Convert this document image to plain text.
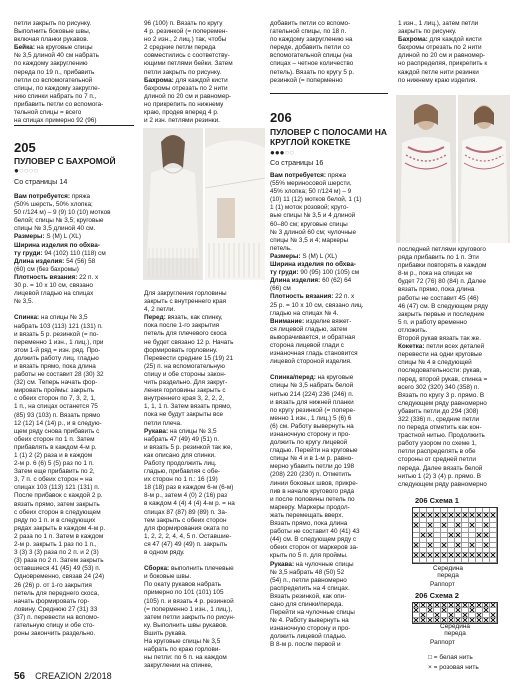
петли закрыть по рисунку.

Выполнить боковые швы,

включая планки рукавов.

Бейка: на круговые спицы

№ 3,5 длиной 40 см набрать

по каждому закруглению

переда по 19 п., прибавить

петли со вспомогательной

спицы, по каждому закругле-

нию спинки набрать по 7 п.,

прибавить петли со вспомога-

тельной спицы = всего

на спицах примерно 92 (96)

205
ПУЛОВЕР С БАХРОМОЙ
●○○○○
Со страницы 14

Вам потребуется: пряжа

(50% шерсть, 50% хлопка;

50 г/124 м) – 9 (9) 10 (10) мотков

белой; спицы № 3,5; круговые

спицы № 3,5 длиной 40 см.

Размеры: S (M) L (XL)

Ширина изделия по обхва-

ту груди: 94 (102) 110 (118) см

Длина изделия: 54 (56) 58

(60) см (без бахромы)

Плотность вязания: 22 п. х

30 р. = 10 х 10 см, связано

лицевой гладью на спицах

№ 3,5.

Спинка: на спицы № 3,5

набрать 103 (113) 121 (131) п.

и вязать 5 р. резинкой (= по-

переменно 1 изн., 1 лиц.), при

этом 1-й ряд = изн. ряд. Про-

должить работу лиц. гладью

и вязать прямо, пока длина

работы не составит 28 (30) 32

(32) см. Теперь начать фор-

мировать проймы: закрыть

с обеих сторон по 7, 3, 2, 1,

1 п., на спицах останется 75

(85) 93 (103) п. Вязать прямо

12 (12) 14 (14) р., и в следую-

щем ряду снова прибавить с

обеих сторон по 1 п. Затем

прибавлять в каждом 4-м р.

1 (1) 2 (2) раза и в каждом

2-м р. 6 (6) 5 (5) раз по 1 п.

Затем еще прибавить по 2,

3, 7 п. с обеих сторон = на

спицах 103 (113) 121 (131) п.

После прибавок с каждой 2 р.

вязать прямо, затем закрыть

с обеих сторон в следующем

ряду по 1 п. и в следующих

рядах закрыть в каждом 4-м р.

2 раза по 1 п. Затем в каждом

2-м р. закрыть 1 раз по 1 п.,

3 (3) 3 (3) раза по 2 п. и 2 (3)

(3) раза по 2 п. Затем закрыть

оставшиеся 41 (45) 49 (53) п.

Одновременно, связав 24 (24)

26 (26) р. от 1-го закрытия

петель для переднего скоса,

начать формировать гор-

ловину. Среднюю 27 (31) 33

(37) п. перевести на вспомо-

гательную спицу и обе сто-

роны закончить раздельно.

96 (100) п. Вязать по кругу

4 р. резинкой (= поперемен-

но 2 изн., 2 лиц.) так, чтобы

2 средние петли переда

совместились с соответству-

ющими петлями бейки. Затем

петли закрыть по рисунку.

Бахрома: для каждой кисти

бахромы отрезать по 2 нити

длиной по 20 см и равномер-

но прикрепить по нижнему

краю, продев вперед 4 р.

и 2 изн. петлями резинки.

Для закругления горловины

закрыть с внутреннего края

4, 2 петли.

Перед: вязать, как спинку,

пока после 1-го закрытия

петель для плечевого скоса

не будет связано 12 р. Начать

формировать горловину.

Перевести средние 15 (19) 21

(25) п. на вспомогательную

спицу и обе стороны закон-

чить раздельно. Для закруг-

ления горловины закрыть с

внутреннего края 3, 2, 2, 2,

1, 1, 1 п. Затем вязать прямо,

пока не будут закрыты все

петли плеча.

Рукава: на спицы № 3,5

набрать 47 (49) 49 (51) п.

и вязать 5 р. резинкой так же,

как описано для спинки.

Работу продолжить лиц.

гладью, прибавляя с обе-

их сторон по 1 п.: 16 (19)

18 (18) раз в каждом 6-м (6-м)

8-м р., затем 4 (0) 2 (16) раз

в каждом 4 (4) 4 (4) 4-м р. = на

спицах 87 (87) 89 (89) п. За-

тем закрыть с обеих сторон

для формирования оката по

1, 2, 2, 2, 4, 4, 5 п. Оставшие-

ся 47 (47) 49 (49) п. закрыть

в одном ряду.

Сборка: выполнить плечевые

и боковые швы.

По окату рукавов набрать

примерно по 101 (101) 105

(105) п. и вязать 4 р. резинкой

(= поперменно 1 изн., 1 лиц.),

затем петли закрыть по рисун-

ку. Выполнить швы рукавов.

Вшить рукава.

На круговые спицы № 3,5

набрать по краю горлови-

ны петли: по 6 п. на каждом

закруглении на спинке,

добавить петли со вспомо-

гательной спицы, по 18 п.

по каждому закруглению на

переде, добавить петли со

вспомогательной спицы (на

спицах – четное количество

петель). Вязать по кругу 5 р.

резинкой (= поперменно

206
ПУЛОВЕР С ПОЛОСАМИ НА КРУГЛОЙ КОКЕТКЕ
●●●○○
Со страницы 16

Вам потребуется: пряжа

(55% мериносовой шерсти,

45% хлопка; 50 г/124 м) – 9

(10) 11 (12) мотков белой, 1 (1)

1 (1) моток розовой; круго-

вые спицы № 3,5 и 4 длиной

60–80 см; круговые спицы

№ 3 длиной 60 см; чулочные

спицы № 3,5 и 4; маркеры

петель.

Размеры: S (M) L (XL)

Ширина изделия по обхва-

ту груди: 90 (95) 100 (105) см

Длина изделия: 60 (62) 64

(66) см

Плотность вязания: 22 п. х

25 р. = 10 х 10 см, связано лиц.

гладью на спицах № 4.

Внимание: изделие вяжет-

ся лицевой гладью, затем

выворачивается, и обратная

сторона лицевой глади с

изнаночная гладь становится

лицевой стороной изделия.

Спинка/перед: на круговые

спицы № 3,5 набрать белой

нитью 214 (224) 236 (246) п.

и вязать для нижней планки

по кругу резинкой (= попере-

менно 1 изн., 1 лиц.) 5 (6) 6

(6) см. Работу вывернуть на

изнаночную сторону и про-

должить по кругу лицевой

гладью. Перейти на круговые

спицы № 4 и в 1-м р. равно-

мерно убавить петли до 198

(208) 220 (230) п. Отметить

линии боковых швов, прикре-

пив в начале кругового ряда

и после половины петель по

маркеру. Маркеры продол-

жать перемещать вверх.

Вязать прямо, пока длина

работы не составит 40 (41) 43

(44) см. В следующем ряду с

обеих сторон от маркеров за-

крыть по 5 п. для проймы.

Рукава: на чулочные спицы

№ 3,5 набрать 48 (50) 52

(54) п., петли равномерно

распределить на 4 спицах.

Вязать резинкой, как опи-

сано для спинки/переда.

Перейти на чулочные спицы

№ 4. Работу вывернуть на

изнаночную сторону и про-

должить лицевой гладью.

В 8-м р. после первой и

1 изн., 1 лиц.), затем петли

закрыть по рисунку.

Бахрома: для каждой кисти

бахромы отрезать по 2 нити

длиной по 20 см и равномер-

но распределяя, прикрепить к

каждой петле нити резинки

по нижнему краю изделия.

последней петлями кругового

ряда прибавить по 1 п. Эти

прибавки повторять в каждом

8-м р., пока на спицах не

будет 72 (76) 80 (84) п. Далее

вязать прямо, пока длина

работы не составит 45 (46)

46 (47) см. В следующем ряду

закрыть первые и последние

5 п. и работу временно

отложить.

Второй рукав вязать так же.

Кокетка: петли всех деталей

перевести на одни круговые

спицы № 4 в следующей

последовательности: рукав,

перед, второй рукав, спинка =

всего 302 (320) 340 (358) п.

Вязать по кругу 3 р. прямо. В

следующем ряду равномерно

убавить петли до 294 (308)

322 (336) п., средние петли

по переда отметить как кон-

трастной нитью. Продолжить

работу узором по схеме 1,

петли распределять в обе

стороны от средней петли

переда. Далее вязать белой

нитью 1 (2) 3 (4) р. прямо. В

следующем ряду равномерно

206 Схема 1
Середина
переда
Раппорт
206 Схема 2
Середина
переда
Раппорт
□ = белая нить
× = розовая нить
56 CREAZION 2/2018
